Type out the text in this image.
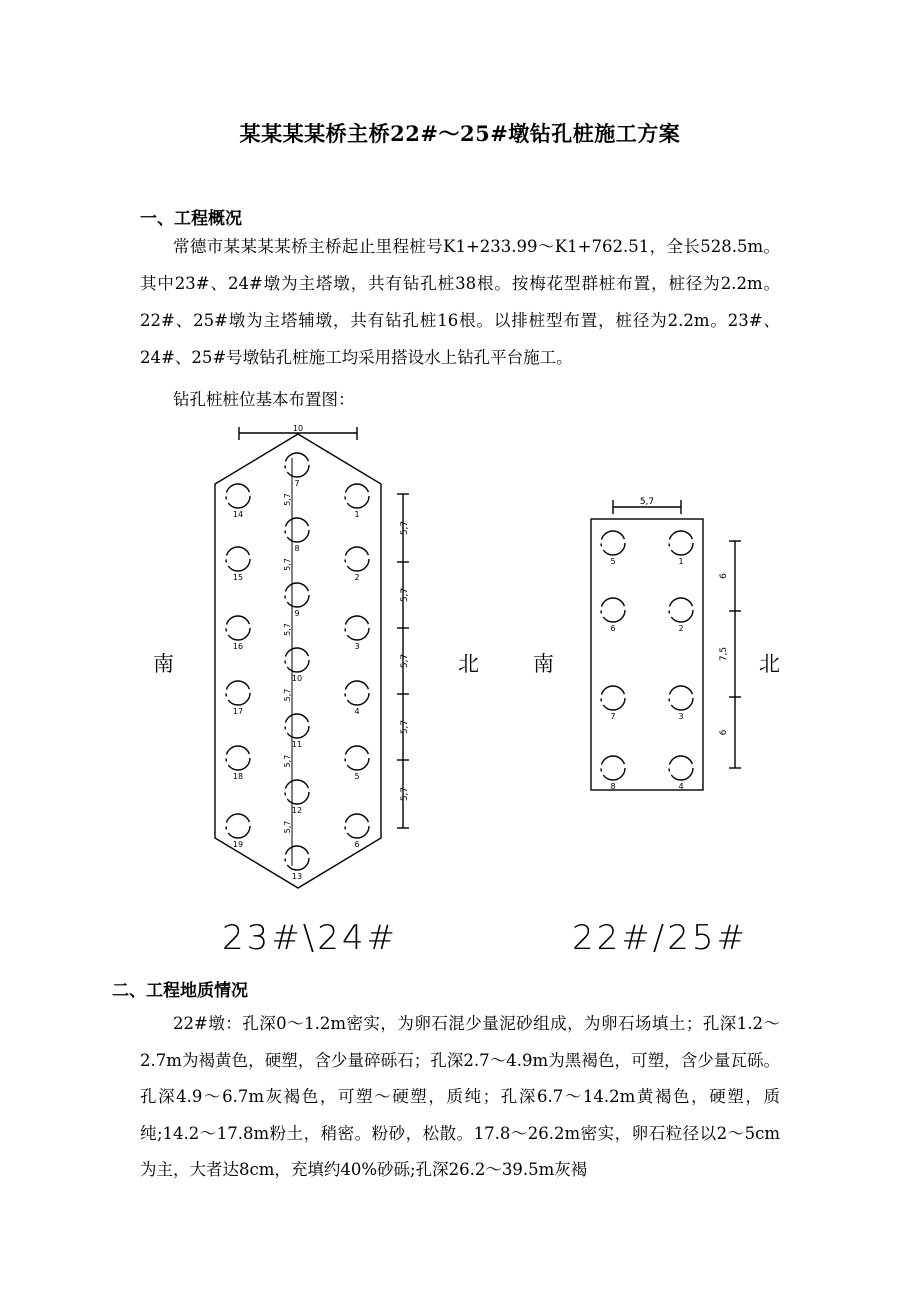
某某某某桥主桥22#～25#墩钻孔桩施工方案
一、工程概况

常德市某某某某桥主桥起止里程桩号K1+233.99～K1+762.51，全长528.5m。其中23#、24#墩为主塔墩，共有钻孔桩38根。按梅花型群桩布置，桩径为2.2m。22#、25#墩为主塔辅墩，共有钻孔桩16根。以排桩型布置，桩径为2.2m。23#、24#、25#号墩钻孔桩施工均采用搭设水上钻孔平台施工。

钻孔桩桩位基本布置图：
10
1
2
3
4
5
6
14
15
16
17
18
19
7
8
9
10
11
12
13
5,7
5,7
5,7
5,7
5,7
5,7
5,7
5,7
5,7
5,7
5,7
5,7
1
2
3
4
5
6
7
8
6
7,5
6
南	北	南	北
23#\24#	22#/25#
二、工程地质情况

22#墩：孔深0～1.2m密实，为卵石混少量泥砂组成，为卵石场填土；孔深1.2～2.7m为褐黄色，硬塑，含少量碎砾石；孔深2.7～4.9m为黑褐色，可塑，含少量瓦砾。孔深4.9～6.7m灰褐色，可塑～硬塑，质纯；孔深6.7～14.2m黄褐色，硬塑，质纯;14.2～17.8m粉土，稍密。粉砂，松散。17.8～26.2m密实，卵石粒径以2～5cm为主，大者达8cm，充填约40%砂砾;孔深26.2～39.5m灰褐
